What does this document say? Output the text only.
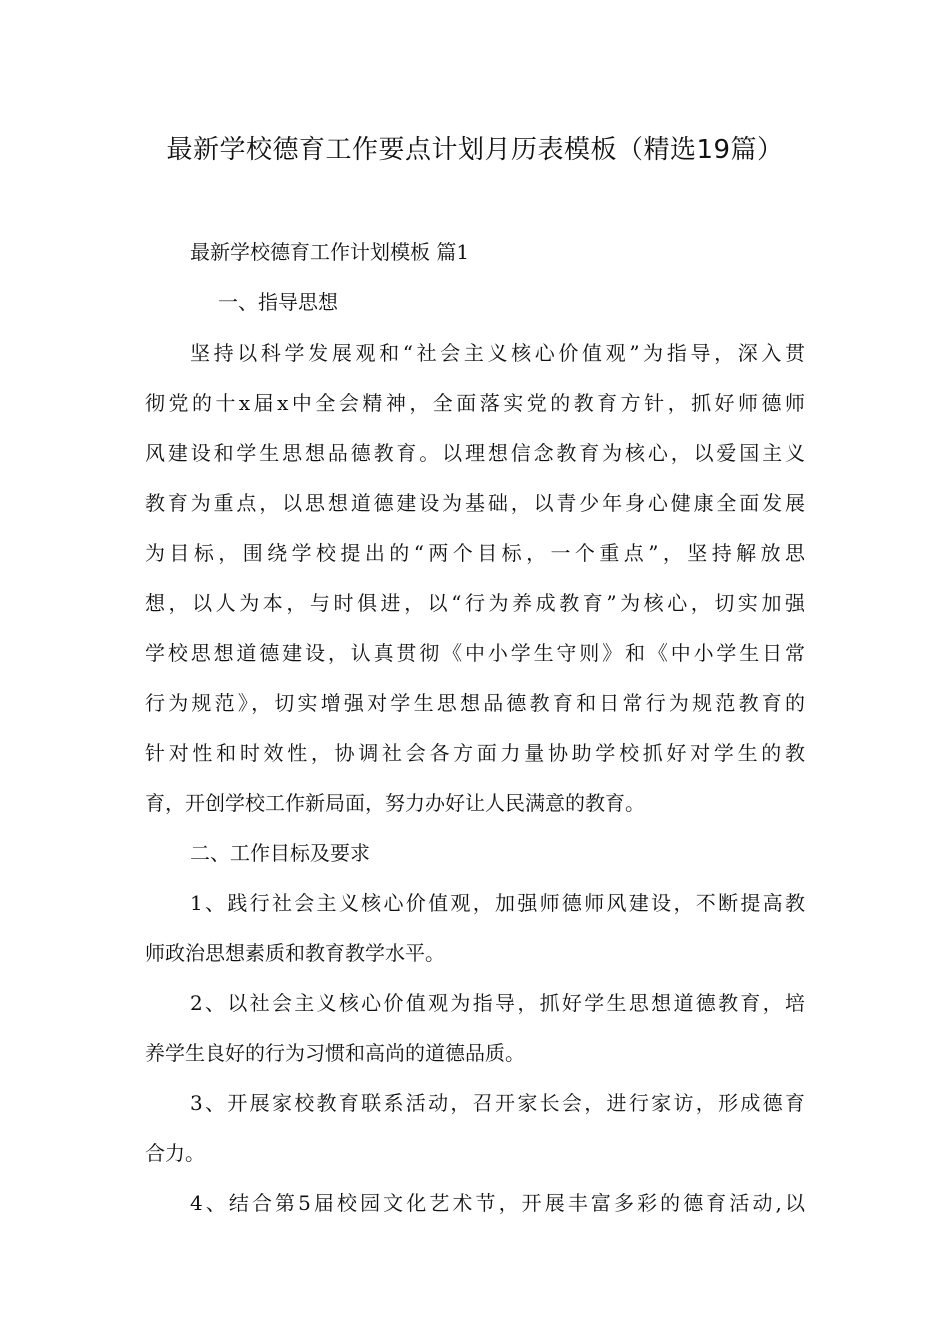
最新学校德育工作要点计划月历表模板（精选19篇）
最新学校德育工作计划模板 篇1
一、指导思想
坚持以科学发展观和“社会主义核心价值观”为指导，深入贯
彻党的十x届x中全会精神，全面落实党的教育方针，抓好师德师
风建设和学生思想品德教育。以理想信念教育为核心，以爱国主义
教育为重点，以思想道德建设为基础，以青少年身心健康全面发展
为目标，围绕学校提出的“两个目标，一个重点”，坚持解放思
想，以人为本，与时俱进，以“行为养成教育”为核心，切实加强
学校思想道德建设，认真贯彻《中小学生守则》和《中小学生日常
行为规范》，切实增强对学生思想品德教育和日常行为规范教育的
针对性和时效性，协调社会各方面力量协助学校抓好对学生的教
育，开创学校工作新局面，努力办好让人民满意的教育。
二、工作目标及要求
1、践行社会主义核心价值观，加强师德师风建设，不断提高教
师政治思想素质和教育教学水平。
2、以社会主义核心价值观为指导，抓好学生思想道德教育，培
养学生良好的行为习惯和高尚的道德品质。
3、开展家校教育联系活动，召开家长会，进行家访，形成德育
合力。
4、结合第5届校园文化艺术节，开展丰富多彩的德育活动,以
